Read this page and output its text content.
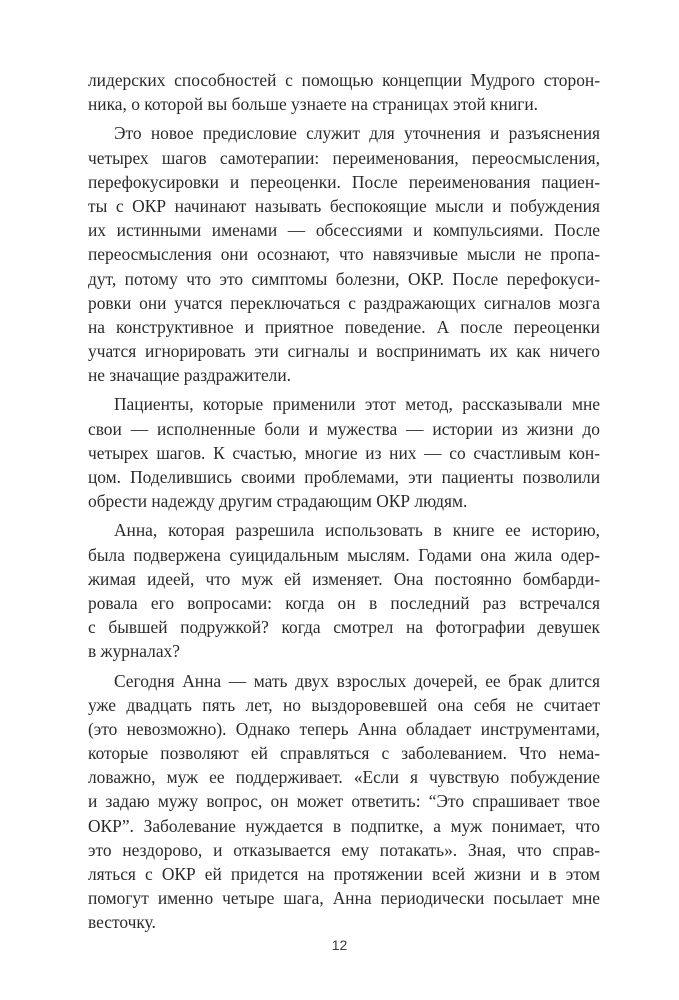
лидерских способностей с помощью концепции Мудрого сторон-
ника, о которой вы больше узнаете на страницах этой книги.
Это новое предисловие служит для уточнения и разъяснения
четырех шагов самотерапии: переименования, переосмысления,
перефокусировки и переоценки. После переименования пациен-
ты с ОКР начинают называть беспокоящие мысли и побуждения
их истинными именами — обсессиями и компульсиями. После
переосмысления они осознают, что навязчивые мысли не пропа-
дут, потому что это симптомы болезни, ОКР. После перефокуси-
ровки они учатся переключаться с раздражающих сигналов мозга
на конструктивное и приятное поведение. А после переоценки
учатся игнорировать эти сигналы и воспринимать их как ничего
не значащие раздражители.
Пациенты, которые применили этот метод, рассказывали мне
свои — исполненные боли и мужества — истории из жизни до
четырех шагов. К счастью, многие из них — со счастливым кон-
цом. Поделившись своими проблемами, эти пациенты позволили
обрести надежду другим страдающим ОКР людям.
Анна, которая разрешила использовать в книге ее историю,
была подвержена суицидальным мыслям. Годами она жила одер-
жимая идеей, что муж ей изменяет. Она постоянно бомбарди-
ровала его вопросами: когда он в последний раз встречался
с бывшей подружкой? когда смотрел на фотографии девушек
в журналах?
Сегодня Анна — мать двух взрослых дочерей, ее брак длится
уже двадцать пять лет, но выздоровевшей она себя не считает
(это невозможно). Однако теперь Анна обладает инструментами,
которые позволяют ей справляться с заболеванием. Что нема-
ловажно, муж ее поддерживает. «Если я чувствую побуждение
и задаю мужу вопрос, он может ответить: “Это спрашивает твое
ОКР”. Заболевание нуждается в подпитке, а муж понимает, что
это нездорово, и отказывается ему потакать». Зная, что справ-
ляться с ОКР ей придется на протяжении всей жизни и в этом
помогут именно четыре шага, Анна периодически посылает мне
весточку.
12
